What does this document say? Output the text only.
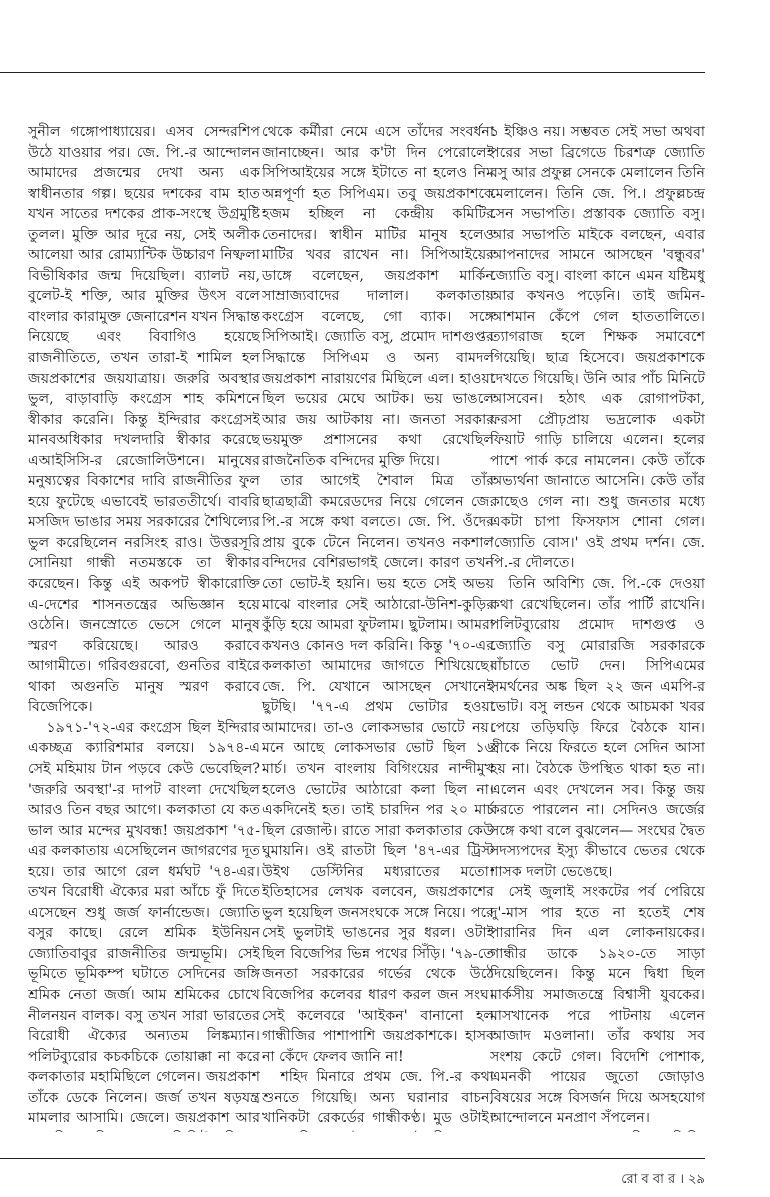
সুনীল গঙ্গোপাধ্যায়ের। এসব সেন্দরশিপ উঠে যাওয়ার পর। জে. পি.-র আন্দোলন আমাদের প্রজন্মের দেখা অন্য এক স্বাধীনতার গল্প। ছয়ের দশকের বাম হাত যখন সাতের দশকের প্রাক-সংস্থে উগ্রমুষ্টি তুলল। মুক্তি আর দূরে নয়, সেই অলীক আলেয়া আর রোম্যান্টিক উচ্চারণ নিষ্ফলা বিভীষিকার জন্ম দিয়েছিল। ব্যালট নয়, বুলেট-ই শক্তি, আর মুক্তির উৎস বলে বাংলার কারামুক্ত জেনারেশন যখন সিদ্ধান্ত নিয়েছে এবং বিবাগিও হয়েছে রাজনীতিতে, তখন তারা-ই শামিল হল জয়প্রকাশের জয়যাত্রায়। জরুরি অবস্থার ভুল, বাড়াবাড়ি কংগ্রেস শাহ কমিশনে স্বীকার করেনি। কিন্তু ইন্দিরার কংগ্রেসই মানবঅধিকার দখলদারি স্বীকার করেছে এআইসিসি-র রেজোলিউশনে। মানুষের মনুষ্যত্বের বিকাশের দাবি রাজনীতির ফুল হয়ে ফুটেছে এভাবেই ভারততীর্থে। বাবরি মসজিদ ভাঙার সময় সরকারের শৈথিল্যের ভুল করেছিলেন নরসিংহ রাও। উত্তরসূরি সোনিয়া গান্ধী নতমস্তকে তা স্বীকার করেছেন। কিন্তু এই অকপট স্বীকারোক্তি এ-দেশের শাসনতন্ত্রের অভিজ্ঞান হয়ে ওঠেনি। জনস্রোতে ভেসে গেলে মানুষ স্মরণ করিয়েছে। আরও করাবে আগামীতে। গরিবগুরবো, গুনতির বাইরে থাকা অগুনতি মানুষ স্মরণ করাবে বিজেপিকে।

১৯৭১-'৭২-এর কংগ্রেস ছিল ইন্দিরার একচ্ছত্র ক্যারিশমার বলয়ে। ১৯৭৪-এ সেই মহিমায় টান পড়বে কেউ ভেবেছিল? 'জরুরি অবস্থা'-র দাপট বাংলা দেখেছিল আরও তিন বছর আগে। কলকাতা যে কত ভাল আর মন্দের মুখবন্ধ! জয়প্রকাশ '৭৫-এর কলকাতায় এসেছিলেন জাগরণের দূত হয়ে। তার আগে রেল ধর্মঘট '৭৪-এর। তখন বিরোধী ঐক্যের মরা আঁচে ফুঁ দিতে এসেছেন শুধু জর্জ ফার্নান্ডেজ। জ্যোতি বসুর কাছে। রেলে শ্রমিক ইউনিয়ন জ্যোতিবাবুর রাজনীতির জন্মভূমি। সেই ভূমিতে ভূমিকম্প ঘটাতে সেদিনের জঙ্গি শ্রমিক নেতা জর্জ। আম শ্রমিকের চোখে নীলনয়ন বালক। বসু তখন সারা ভারতের বিরোধী ঐক্যের অন্যতম লিঙ্কম্যান। পলিটব্যুরোর কচকচিকে তোয়াক্কা না করে কলকাতার মহামিছিলে গেলেন। জয়প্রকাশ তাঁকে ডেকে নিলেন। জর্জ তখন ষড়যন্ত্র মামলার আসামি। জেলে। জয়প্রকাশ আর

থেকে কর্মীরা নেমে এসে তাঁদের সংবর্ধনা জানাচ্ছেন। আর ক'টা দিন পেরোলেই সিপিআইয়ের সঙ্গে ইটাতে না হলেও নিম অন্নপূর্ণা হত সিপিএম। তবু জয়প্রকাশকে হজম হচ্ছিল না কেন্দ্রীয় কমিটির তেনাদের। স্বাধীন মাটির মানুষ হলেও মাটির খবর রাখেন না। সিপিআইয়ের ডাঙ্গে বলেছেন, জয়প্রকাশ মার্কিন সাম্রাজ্যবাদের দালাল। কলকাতায় কংগ্রেস বলেছে, গো ব্যাক। সঙ্গে সিপিআই। জ্যোতি বসু, প্রমোদ দাশগুপ্তর সিদ্ধান্তে সিপিএম ও অন্য বামদল জয়প্রকাশ নারায়ণের মিছিলে এল। হাওয়া ছিল ভয়ের মেঘে আটক। ভয় ভাঙলে আর জয় আটকায় না। জনতা সরকার ভয়মুক্ত প্রশাসনের কথা রেখেছিল রাজনৈতিক বন্দিদের মুক্তি দিয়ে।

তার আগেই শৈবাল মিত্র তাঁর ছাত্রছাত্রী কমরেডদের নিয়ে গেলেন জে. পি.-র সঙ্গে কথা বলতে। জে. পি. ওঁদের প্রায় বুকে টেনে নিলেন। তখনও নকশাল বন্দিদের বেশিরভাগই জেলে। কারণ তখন তো ভোট-ই হয়নি। ভয় হতে সেই অভয় মাঝে বাংলার সেই আঠারো-উনিশ-কুড়ির কুঁড়ি হয়ে আমরা ফুটলাম। ছুটলাম। আমরা কখনও কোনও দল করিনি। কিন্তু '৭০-এর কলকাতা আমাদের জাগতে শিখিয়েছে। জে. পি. যেখানে আসছেন সেখানেই ছুটছি। '৭৭-এ প্রথম ভোটার হওয়া আমাদের। তা-ও লোকসভার ভোটে নয়। মনে আছে লোকসভার ভোট ছিল ১৬ মার্চ। তখন বাংলায় বিগিংয়ের নান্দীমুখ হলেও ভোটের আঠারো কলা ছিল না। একদিনেই হত। তাই চারদিন পর ২০ মার্চ ছিল রেজাল্ট। রাতে সারা কলকাতার কেউ ঘুমায়নি। ওই রাতটা ছিল '৪৭-এর ট্রিস্ট উইথ ডেস্টিনির মধ্যরাতের মতো। ইতিহাসের লেখক বলবেন, জয়প্রকাশের ভুল হয়েছিল জনসংঘকে সঙ্গে নিয়ে। পরে সেই ভুলটাই ভাঙনের সুর ধরল। ওটাই ছিল বিজেপির ভিন্ন পথের সিঁড়ি। '৭৯-তে জনতা সরকারের গর্ভের থেকে উঠে বিজেপির কলেবর ধারণ করল জন সংঘ। সেই কলেবরে 'আইকন' বানানো হল গান্ধীজির পাশাপাশি জয়প্রকাশকে। হাসব না কেঁদে ফেলব জানি না!

শহিদ মিনারে প্রথম জে. পি.-র কথা শুনতে গিয়েছি। অন্য ঘরানার বাচন, খানিকটা রেকর্ডের গান্ধীকণ্ঠ। মুড ওটাই।

১ ইঞ্চিও নয়। সম্ভবত সেই সভা অথবা পরের সভা ব্রিগেডে চিরশত্রু জ্যোতি বসু আর প্রফুল্ল সেনকে মেলালেন তিনি মেলালেন। তিনি জে. পি.। প্রফুল্লচন্দ্র সেন সভাপতি। প্রস্তাবক জ্যোতি বসু। আর সভাপতি মাইকে বলছেন, এবার আপনাদের সামনে আসছেন 'বন্ধুবর' জ্যোতি বসু। বাংলা কানে এমন যষ্টিমধু আর কখনও পড়েনি। তাই জমিন-আশমান কেঁপে গেল হাততালিতে। ত্যাগরাজ হলে শিক্ষক সমাবেশে গিয়েছি। ছাত্র হিসেবে। জয়প্রকাশকে দেখতে গিয়েছি। উনি আর পাঁচ মিনিটে আসবেন। হঠাৎ এক রোগাপটকা, ফরসা প্রৌঢ়প্রায় ভদ্রলোক একটা ফিয়াট গাড়ি চালিয়ে এলেন। হলের পাশে পার্ক করে নামলেন। কেউ তাঁকে অভ্যর্থনা জানাতে আসেনি। কেউ তাঁর কাছেও গেল না। শুধু জনতার মধ্যে একটা চাপা ফিসফাস শোনা গেল। 'জ্যোতি বোস।' ওই প্রথম দর্শন। জে. পি.-র দৌলতে।

তিনি অবিশ্যি জে. পি.-কে দেওয়া কথা রেখেছিলেন। তাঁর পার্টি রাখেনি। পলিটব্যুরোয় প্রমোদ দাশগুপ্ত ও জ্যোতি বসু মোরারজি সরকারকে বাঁচাতে ভোট দেন। সিপিএমের সমর্থনের অঙ্ক ছিল ২২ জন এমপি-র ভোট। বসু লন্ডন থেকে আচমকা খবর পেয়ে তড়িঘড়ি ফিরে বৈঠকে যান। স্ত্রীকে নিয়ে ফিরতে হলে সেদিন আসা হয় না। বৈঠকে উপস্থিত থাকা হত না। এলেন এবং দেখলেন সব। কিন্তু জয় করতে পারলেন না। সেদিনও জর্জের সঙ্গে কথা বলে বুঝলেন— সংঘের দ্বৈত সদস্যপদের ইস্যু কীভাবে ভেতর থেকে শাসক দলটা ভেঙেছে।

সেই জুলাই সংকটের পর্ব পেরিয়ে দু'-মাস পার হতে না হতেই শেষ পারানির দিন এল লোকনায়কের। গান্ধীর ডাকে ১৯২০-তে সাড়া দিয়েছিলেন। কিন্তু মনে দ্বিধা ছিল মার্কসীয় সমাজতন্ত্রে বিশ্বাসী যুবকের। মাসখানেক পরে পাটনায় এলেন আজাদ মওলানা। তাঁর কথায় সব সংশয় কেটে গেল। বিদেশি পোশাক, এমনকী পায়ের জুতো জোড়াও বিষয়ের সঙ্গে বিসর্জন দিয়ে অসহযোগ আন্দোলনে মনপ্রাণ সঁপলেন।

রো ব বা র । ২৯
